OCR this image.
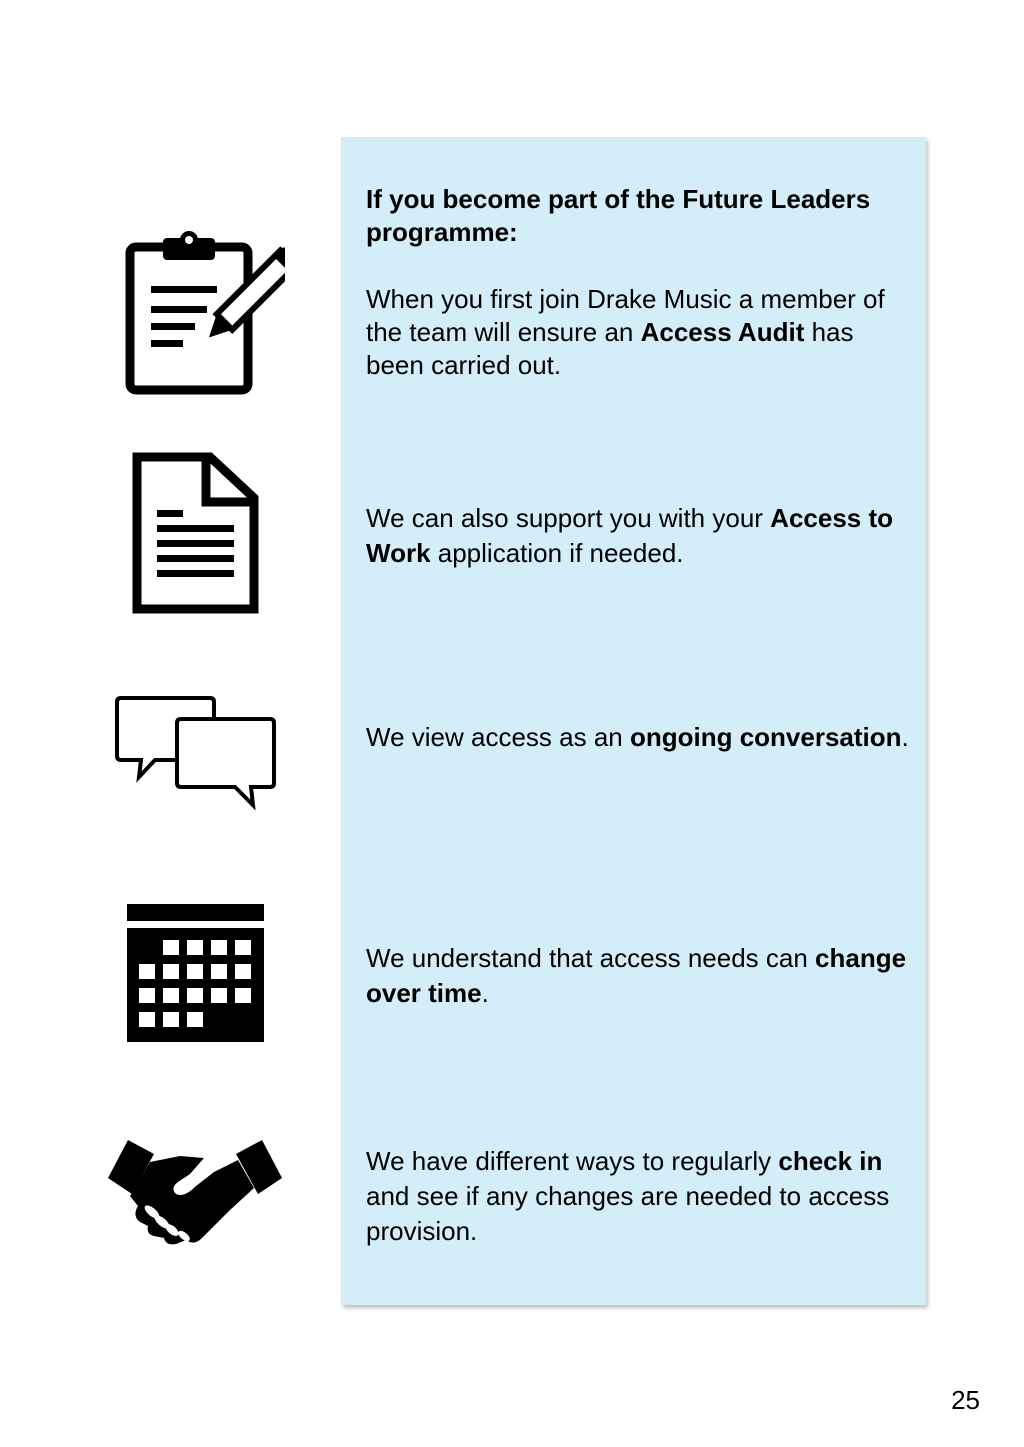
If you become part of the Future Leaders programme:
When you first join Drake Music a member of the team will ensure an Access Audit has been carried out.
We can also support you with your Access to Work application if needed.
We view access as an ongoing conversation.
We understand that access needs can change over time.
We have different ways to regularly check in and see if any changes are needed to access provision.
25
